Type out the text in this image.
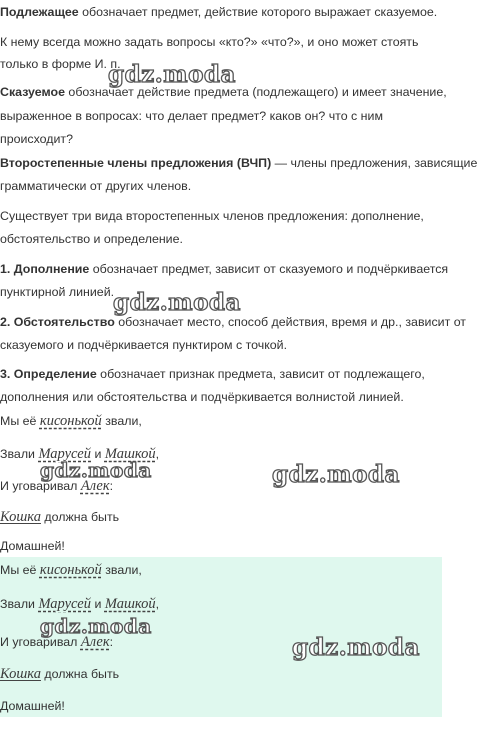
Подлежащее обозначает предмет, действие которого выражает сказуемое.

К нему всегда можно задать вопросы «кто?» «что?», и оно может стоять

только в форме И. п.

Сказуемое обозначает действие предмета (подлежащего) и имеет значение,

выраженное в вопросах: что делает предмет? каков он? что с ним

происходит?

Второстепенные члены предложения (ВЧП) — члены предложения, зависящие

грамматически от других членов.

Существует три вида второстепенных членов предложения: дополнение,

обстоятельство и определение.

1. Дополнение обозначает предмет, зависит от сказуемого и подчёркивается

пунктирной линией.

2. Обстоятельство обозначает место, способ действия, время и др., зависит от

сказуемого и подчёркивается пунктиром с точкой.

3. Определение обозначает признак предмета, зависит от подлежащего,

дополнения или обстоятельства и подчёркивается волнистой линией.

Мы её кисонькой звали,

Звали Марусей и Машкой,

И уговаривал Алек:

Кошка должна быть

Домашней!

Мы её кисонькой звали,

Звали Марусей и Машкой,

И уговаривал Алек:

Кошка должна быть

Домашней!

gdz.moda
gdz.moda
gdz.moda	gdz.moda
gdz.moda
gdz.moda
